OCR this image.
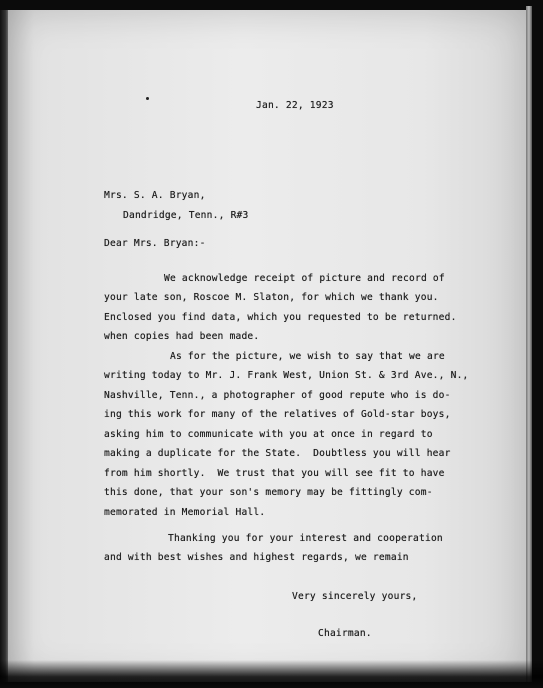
Jan. 22, 1923
Mrs. S. A. Bryan,
Dandridge, Tenn., R#3
Dear Mrs. Bryan:-
We acknowledge receipt of picture and record of
your late son, Roscoe M. Slaton, for which we thank you.
Enclosed you find data, which you requested to be returned.
when copies had been made.
As for the picture, we wish to say that we are
writing today to Mr. J. Frank West, Union St. & 3rd Ave., N.,
Nashville, Tenn., a photographer of good repute who is do-
ing this work for many of the relatives of Gold-star boys,
asking him to communicate with you at once in regard to
making a duplicate for the State.  Doubtless you will hear
from him shortly.  We trust that you will see fit to have
this done, that your son's memory may be fittingly com-
memorated in Memorial Hall.
Thanking you for your interest and cooperation
and with best wishes and highest regards, we remain
Very sincerely yours,
Chairman.
